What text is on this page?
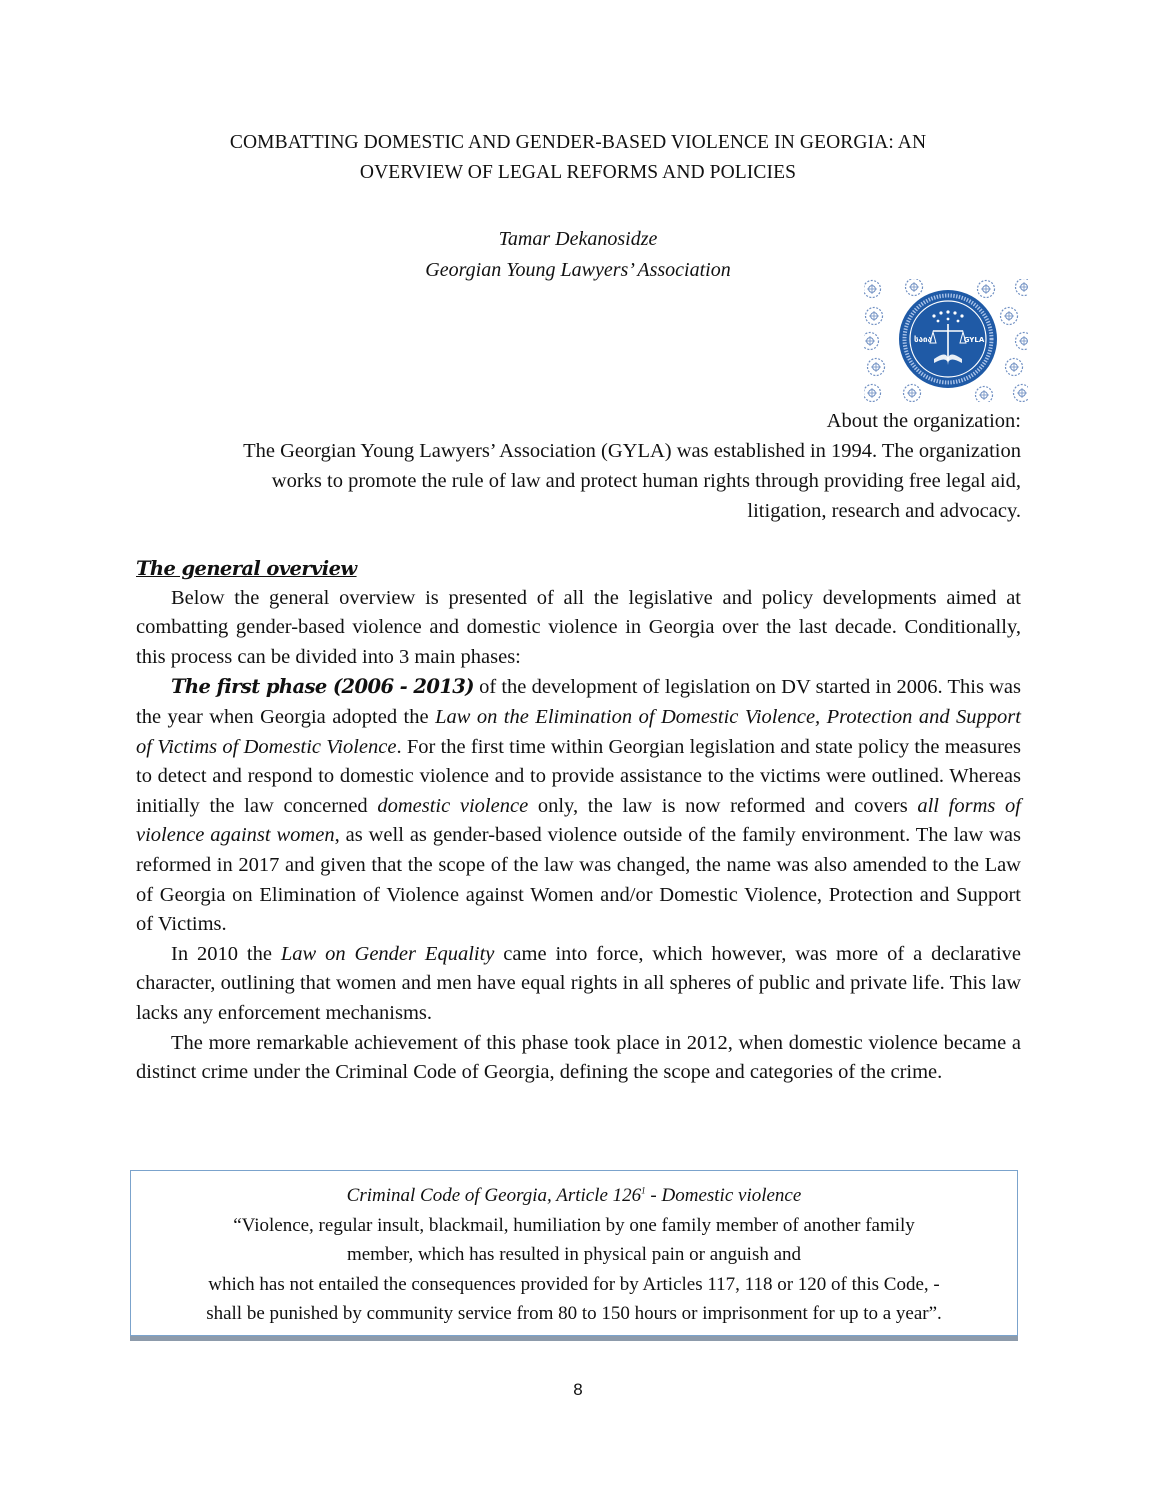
COMBATTING DOMESTIC AND GENDER-BASED VIOLENCE IN GEORGIA: AN
OVERVIEW OF LEGAL REFORMS AND POLICIES
Tamar Dekanosidze
Georgian Young Lawyers’ Association
საია	GYLA
About the organization:
The Georgian Young Lawyers’ Association (GYLA) was established in 1994. The organization
works to promote the rule of law and protect human rights through providing free legal aid,
litigation, research and advocacy.
The general overview

Below the general overview is presented of all the legislative and policy developments aimed at combatting gender-based violence and domestic violence in Georgia over the last decade. Conditionally, this process can be divided into 3 main phases:

The first phase (2006 - 2013) of the development of legislation on DV started in 2006. This was the year when Georgia adopted the Law on the Elimination of Domestic Violence, Protection and Support of Victims of Domestic Violence. For the first time within Georgian legislation and state policy the measures to detect and respond to domestic violence and to provide assistance to the victims were outlined. Whereas initially the law concerned domestic violence only, the law is now reformed and covers all forms of violence against women, as well as gender-based violence outside of the family environment. The law was reformed in 2017 and given that the scope of the law was changed, the name was also amended to the Law of Georgia on Elimination of Violence against Women and/or Domestic Violence, Protection and Support of Victims.

In 2010 the Law on Gender Equality came into force, which however, was more of a declarative character, outlining that women and men have equal rights in all spheres of public and private life. This law lacks any enforcement mechanisms.

The more remarkable achievement of this phase took place in 2012, when domestic violence became a distinct crime under the Criminal Code of Georgia, defining the scope and categories of the crime.

Criminal Code of Georgia, Article $126^1$ - Domestic violence
“Violence, regular insult, blackmail, humiliation by one family member of another family
member, which has resulted in physical pain or anguish and
which has not entailed the consequences provided for by Articles 117, 118 or 120 of this Code, -
shall be punished by community service from 80 to 150 hours or imprisonment for up to a year”.
8
